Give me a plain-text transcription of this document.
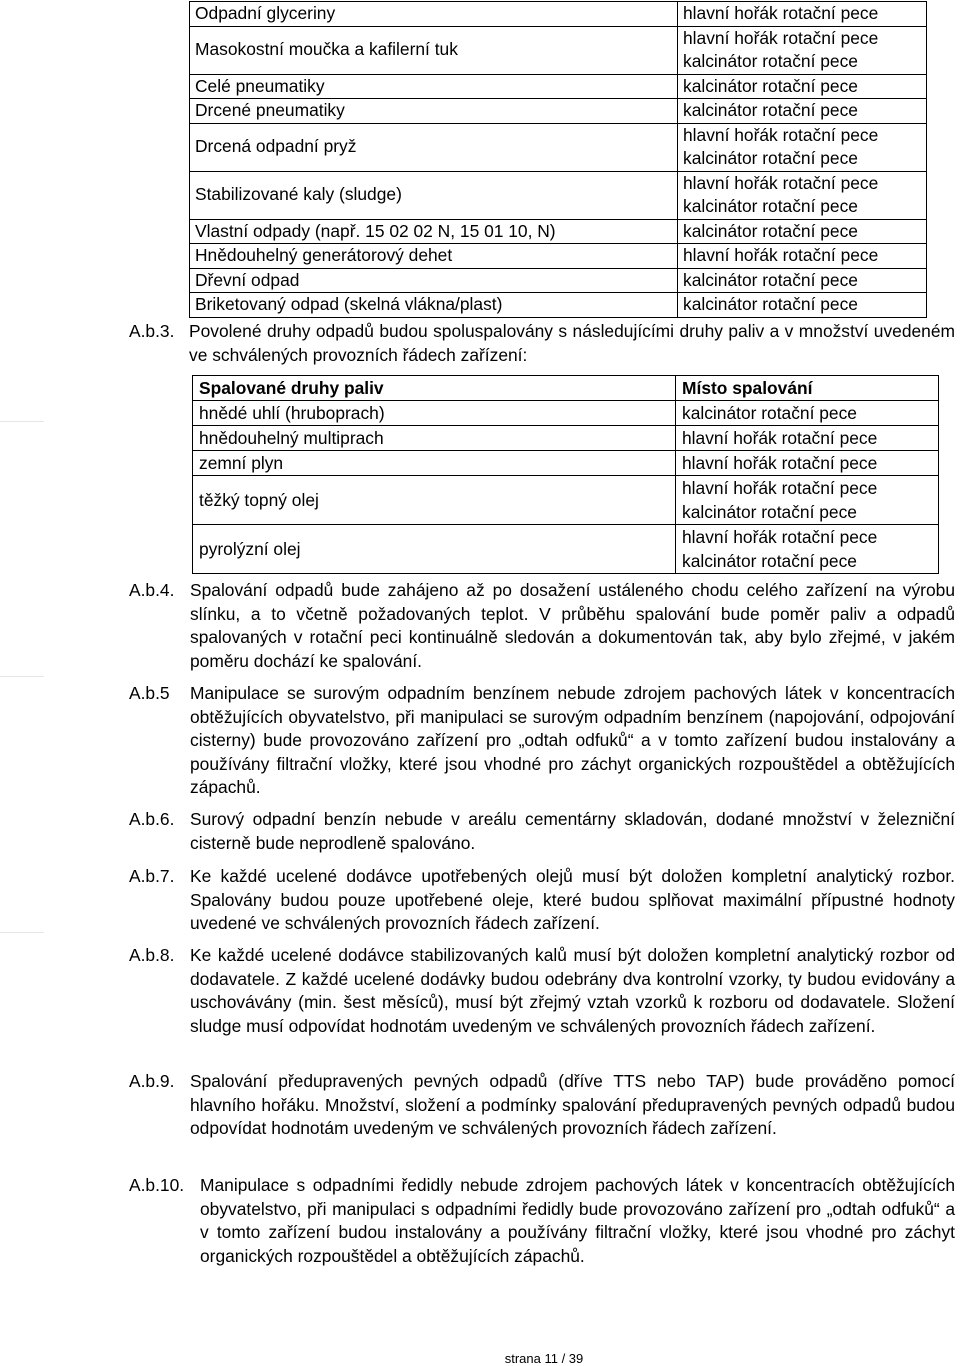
Odpadní glyceriny	hlavní hořák rotační pece

Masokostní moučka a kafilerní tuk	hlavní hořák rotační pece
kalcinátor rotační pece

Celé pneumatiky	kalcinátor rotační pece

Drcené pneumatiky	kalcinátor rotační pece

Drcená odpadní pryž	hlavní hořák rotační pece
kalcinátor rotační pece

Stabilizované kaly (sludge)	hlavní hořák rotační pece
kalcinátor rotační pece

Vlastní odpady (např. 15 02 02 N, 15 01 10, N)	kalcinátor rotační pece

Hnědouhelný generátorový dehet	hlavní hořák rotační pece

Dřevní odpad	kalcinátor rotační pece

Briketovaný odpad (skelná vlákna/plast)	kalcinátor rotační pece

A.b.3. Povolené druhy odpadů budou spoluspalovány s následujícími druhy paliv a v množství uvedeném ve schválených provozních řádech zařízení:

Spalované druhy paliv	Místo spalování
hnědé uhlí (hruboprach)	kalcinátor rotační pece

hnědouhelný multiprach	hlavní hořák rotační pece

zemní plyn	hlavní hořák rotační pece

těžký topný olej	hlavní hořák rotační pece
kalcinátor rotační pece

pyrolýzní olej	hlavní hořák rotační pece
kalcinátor rotační pece

A.b.4. Spalování odpadů bude zahájeno až po dosažení ustáleného chodu celého zařízení na výrobu slínku, a to včetně požadovaných teplot. V průběhu spalování bude poměr paliv a odpadů spalovaných v rotační peci kontinuálně sledován a dokumentován tak, aby bylo zřejmé, v jakém poměru dochází ke spalování.

A.b.5 Manipulace se surovým odpadním benzínem nebude zdrojem pachových látek v koncentracích obtěžujících obyvatelstvo, při manipulaci se surovým odpadním benzínem (napojování, odpojování cisterny) bude provozováno zařízení pro „odtah odfuků“ a v tomto zařízení budou instalovány a používány filtrační vložky, které jsou vhodné pro záchyt organických rozpouštědel a obtěžujících zápachů.

A.b.6. Surový odpadní benzín nebude v areálu cementárny skladován, dodané množství v železniční cisterně bude neprodleně spalováno.

A.b.7. Ke každé ucelené dodávce upotřebených olejů musí být doložen kompletní analytický rozbor. Spalovány budou pouze upotřebené oleje, které budou splňovat maximální přípustné hodnoty uvedené ve schválených provozních řádech zařízení.

A.b.8. Ke každé ucelené dodávce stabilizovaných kalů musí být doložen kompletní analytický rozbor od dodavatele. Z každé ucelené dodávky budou odebrány dva kontrolní vzorky, ty budou evidovány a uschovávány (min. šest měsíců), musí být zřejmý vztah vzorků k rozboru od dodavatele. Složení sludge musí odpovídat hodnotám uvedeným ve schválených provozních řádech zařízení.

A.b.9. Spalování předupravených pevných odpadů (dříve TTS nebo TAP) bude prováděno pomocí hlavního hořáku. Množství, složení a podmínky spalování předupravených pevných odpadů budou odpovídat hodnotám uvedeným ve schválených provozních řádech zařízení.

A.b.10. Manipulace s odpadními ředidly nebude zdrojem pachových látek v koncentracích obtěžujících obyvatelstvo, při manipulaci s odpadními ředidly bude provozováno zařízení pro „odtah odfuků“ a v tomto zařízení budou instalovány a používány filtrační vložky, které jsou vhodné pro záchyt organických rozpouštědel a obtěžujících zápachů.

strana 11 / 39
